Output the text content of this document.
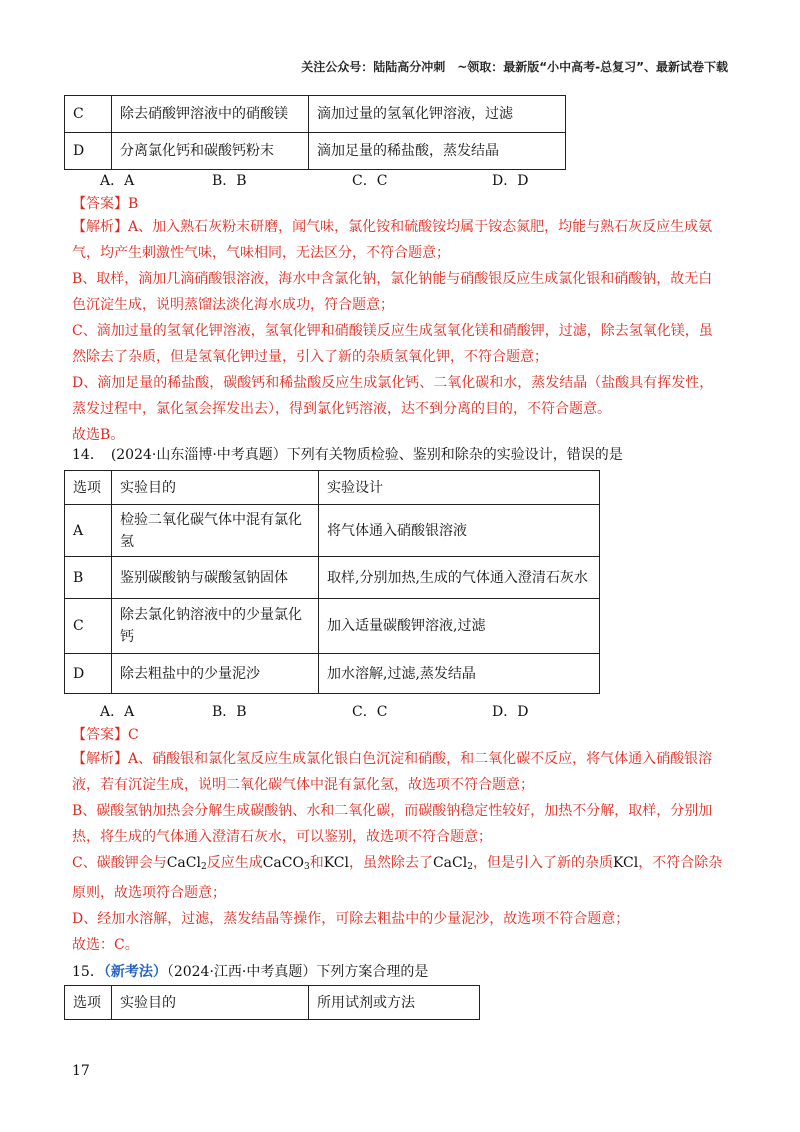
关注公众号：陆陆高分冲刺　~领取：最新版“小中高考-总复习”、最新试卷下载
C	除去硝酸钾溶液中的硝酸镁	滴加过量的氢氧化钾溶液，过滤
D	分离氯化钙和碳酸钙粉末	滴加足量的稀盐酸，蒸发结晶
A．A	B．B	C．C	D．D
【答案】B
【解析】A、加入熟石灰粉末研磨，闻气味，氯化铵和硫酸铵均属于铵态氮肥，均能与熟石灰反应生成氨
气，均产生刺激性气味，气味相同，无法区分，不符合题意；
B、取样，滴加几滴硝酸银溶液，海水中含氯化钠，氯化钠能与硝酸银反应生成氯化银和硝酸钠，故无白
色沉淀生成，说明蒸馏法淡化海水成功，符合题意；
C、滴加过量的氢氧化钾溶液，氢氧化钾和硝酸镁反应生成氢氧化镁和硝酸钾，过滤，除去氢氧化镁，虽
然除去了杂质，但是氢氧化钾过量，引入了新的杂质氢氧化钾，不符合题意；
D、滴加足量的稀盐酸，碳酸钙和稀盐酸反应生成氯化钙、二氧化碳和水，蒸发结晶（盐酸具有挥发性，
蒸发过程中，氯化氢会挥发出去），得到氯化钙溶液，达不到分离的目的，不符合题意。
故选B。
14．　(2024·山东淄博·中考真题）下列有关物质检验、鉴别和除杂的实验设计，错误的是
选项	实验目的	实验设计
A	检验二氧化碳气体中混有氯化氢	将气体通入硝酸银溶液
B	鉴别碳酸钠与碳酸氢钠固体	取样,分别加热,生成的气体通入澄清石灰水
C	除去氯化钠溶液中的少量氯化钙	加入适量碳酸钾溶液,过滤
D	除去粗盐中的少量泥沙	加水溶解,过滤,蒸发结晶
A．A	B．B	C．C	D．D
【答案】C
【解析】A、硝酸银和氯化氢反应生成氯化银白色沉淀和硝酸，和二氧化碳不反应，将气体通入硝酸银溶
液，若有沉淀生成，说明二氧化碳气体中混有氯化氢，故选项不符合题意；
B、碳酸氢钠加热会分解生成碳酸钠、水和二氧化碳，而碳酸钠稳定性较好，加热不分解，取样，分别加
热，将生成的气体通入澄清石灰水，可以鉴别，故选项不符合题意；
C、碳酸钾会与CaCl$_2$反应生成CaCO$_3$和KCl，虽然除去了CaCl$_2$，但是引入了新的杂质KCl，不符合除杂
原则，故选项符合题意；
D、经加水溶解，过滤，蒸发结晶等操作，可除去粗盐中的少量泥沙，故选项不符合题意；
故选：C。
15．（新考法）（2024·江西·中考真题）下列方案合理的是
选项	实验目的	所用试剂或方法
17
